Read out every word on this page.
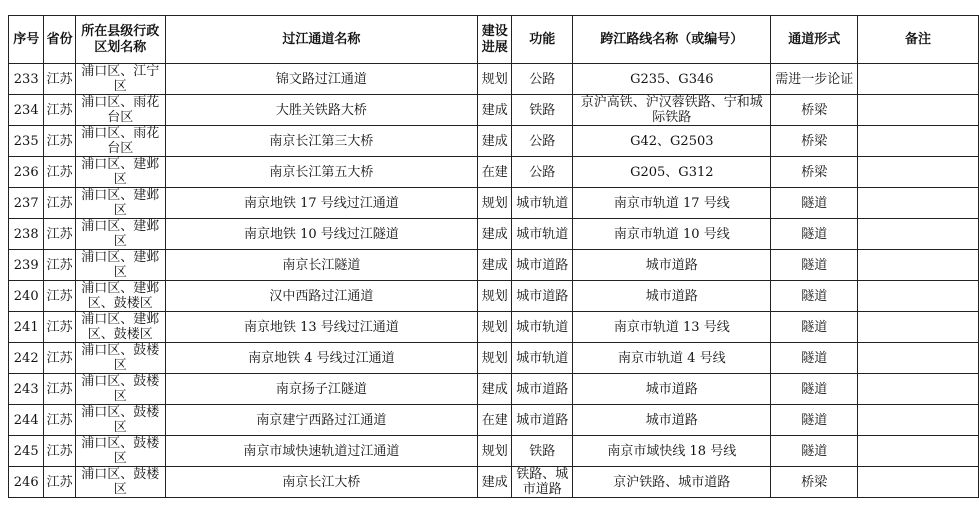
序号	省份	所在县级行政区划名称	过江通道名称	建设进展	功能	跨江路线名称（或编号）	通道形式	备注
233	江苏	浦口区、江宁区	锦文路过江通道	规划	公路	G235、G346	需进一步论证	
234	江苏	浦口区、雨花台区	大胜关铁路大桥	建成	铁路	京沪高铁、沪汉蓉铁路、宁和城际铁路	桥梁	
235	江苏	浦口区、雨花台区	南京长江第三大桥	建成	公路	G42、G2503	桥梁	
236	江苏	浦口区、建邺区	南京长江第五大桥	在建	公路	G205、G312	桥梁	
237	江苏	浦口区、建邺区	南京地铁 17 号线过江通道	规划	城市轨道	南京市轨道 17 号线	隧道	
238	江苏	浦口区、建邺区	南京地铁 10 号线过江隧道	建成	城市轨道	南京市轨道 10 号线	隧道	
239	江苏	浦口区、建邺区	南京长江隧道	建成	城市道路	城市道路	隧道	
240	江苏	浦口区、建邺区、鼓楼区	汉中西路过江通道	规划	城市道路	城市道路	隧道	
241	江苏	浦口区、建邺区、鼓楼区	南京地铁 13 号线过江通道	规划	城市轨道	南京市轨道 13 号线	隧道	
242	江苏	浦口区、鼓楼区	南京地铁 4 号线过江通道	规划	城市轨道	南京市轨道 4 号线	隧道	
243	江苏	浦口区、鼓楼区	南京扬子江隧道	建成	城市道路	城市道路	隧道	
244	江苏	浦口区、鼓楼区	南京建宁西路过江通道	在建	城市道路	城市道路	隧道	
245	江苏	浦口区、鼓楼区	南京市域快速轨道过江通道	规划	铁路	南京市域快线 18 号线	隧道	
246	江苏	浦口区、鼓楼区	南京长江大桥	建成	铁路、城市道路	京沪铁路、城市道路	桥梁	
